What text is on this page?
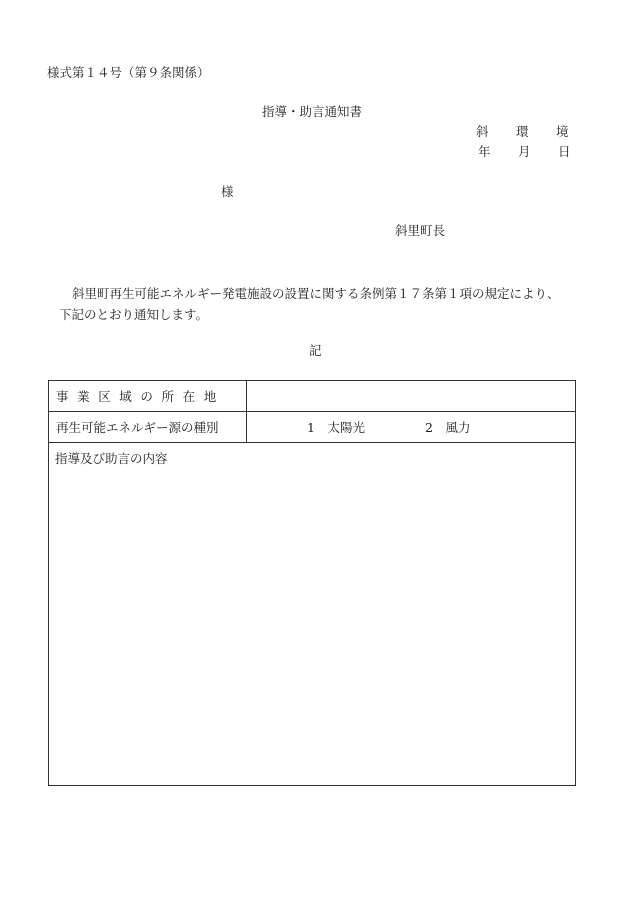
様式第１４号（第９条関係）
指導・助言通知書
斜 環 境
年 月 日
様
斜里町長
斜里町再生可能エネルギー発電施設の設置に関する条例第１７条第１項の規定により、
下記のとおり通知します。
記
事業区域の所在地	
再生可能エネルギー源の種別	1　太陽光 2　風力
指導及び助言の内容	
